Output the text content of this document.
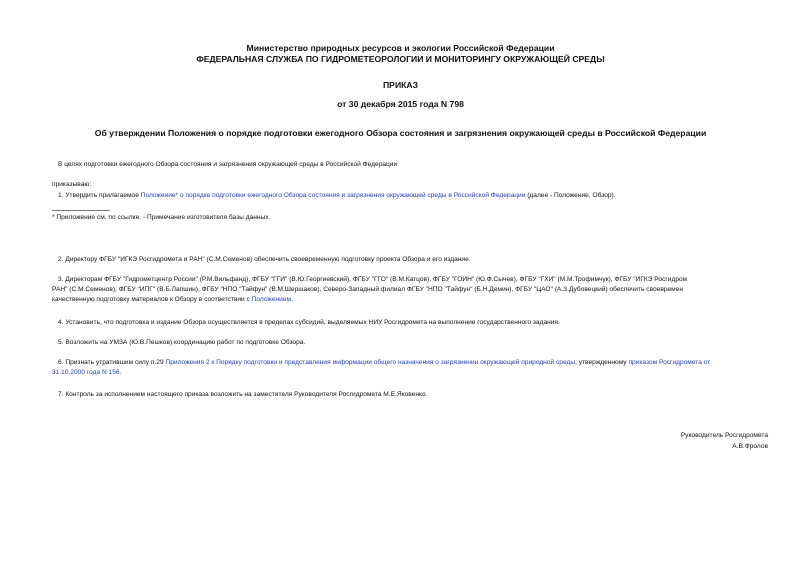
Министерство природных ресурсов и экологии Российской Федерации

ФЕДЕРАЛЬНАЯ СЛУЖБА ПО ГИДРОМЕТЕОРОЛОГИИ И МОНИТОРИНГУ ОКРУЖАЮЩЕЙ СРЕДЫ

ПРИКАЗ

от 30 декабря 2015 года N 798

Об утверждении Положения о порядке подготовки ежегодного Обзора состояния и загрязнения окружающей среды в Российской Федерации

В целях подготовки ежегодного Обзора состояния и загрязнения окружающей среды в Российской Федерации

приказываю:

1. Утвердить прилагаемое Положение* о порядке подготовки ежегодного Обзора состояния и загрязнения окружающей среды в Российской Федерации (далее - Положение, Обзор).

* Приложение см. по ссылке. - Примечание изготовителя базы данных.

2. Директору ФГБУ "ИГКЭ Росгидромета и РАН" (С.М.Семенов) обеспечить своевременную подготовку проекта Обзора и его издание.

3. Директорам ФГБУ "Гидрометцентр России" (Р.М.Вильфанд), ФГБУ "ГГИ" (В.Ю.Георгиевский), ФГБУ "ГГО" (В.М.Катцов), ФГБУ "ГОИН" (Ю.Ф.Сычев), ФГБУ "ГХИ" (М.М.Трофимчук), ФГБУ "ИГКЭ Росгидром

РАН" (С.М.Семенов), ФГБУ "ИПГ" (В.Б.Лапшин), ФГБУ "НПО "Тайфун" (В.М.Шершаков), Северо-Западный филиал ФГБУ "НПО "Тайфун" (Б.Н.Демин), ФГБУ "ЦАО" (А.З.Дубовецкий) обеспечить своевремен

качественную подготовку материалов к Обзору в соответствии с Положением.

4. Установить, что подготовка и издание Обзора осуществляется в пределах субсидий, выделяемых НИУ Росгидромета на выполнение государственного задания.

5. Возложить на УМЗА (Ю.В.Пешков) координацию работ по подготовке Обзора.

6. Признать утратившим силу п.29 Приложения 2 к Порядку подготовки и представления информации общего назначения о загрязнении окружающей природной среды, утвержденному приказом Росгидромета от

31.10.2000 года N 156.

7. Контроль за исполнением настоящего приказа возложить на заместителя Руководителя Росгидромета М.Е.Яковенко.

Руководитель Росгидромета

А.В.Фролов
